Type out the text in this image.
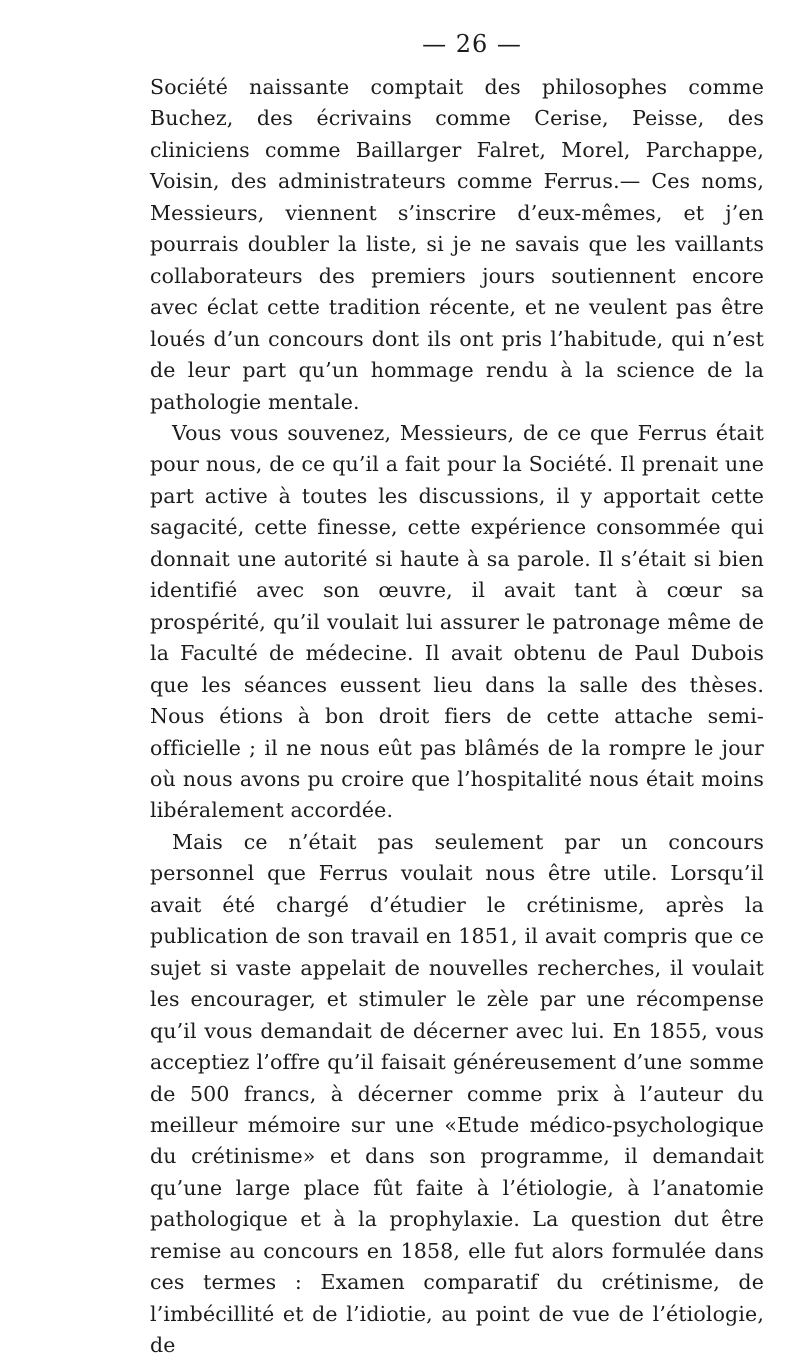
— 26 —

Société naissante comptait des philosophes comme Buchez, des écrivains comme Cerise, Peisse, des cliniciens comme Baillarger Falret, Morel, Parchappe, Voisin, des administrateurs comme Ferrus.— Ces noms, Messieurs, viennent s’inscrire d’eux-mêmes, et j’en pourrais doubler la liste, si je ne savais que les vaillants collaborateurs des premiers jours soutiennent encore avec éclat cette tradition récente, et ne veulent pas être loués d’un concours dont ils ont pris l’habitude, qui n’est de leur part qu’un hommage rendu à la science de la pathologie mentale.

Vous vous souvenez, Messieurs, de ce que Ferrus était pour nous, de ce qu’il a fait pour la Société. Il prenait une part active à toutes les discussions, il y apportait cette sagacité, cette finesse, cette expérience consommée qui donnait une autorité si haute à sa parole. Il s’était si bien identifié avec son œuvre, il avait tant à cœur sa prospérité, qu’il voulait lui assurer le patronage même de la Faculté de médecine. Il avait obtenu de Paul Dubois que les séances eussent lieu dans la salle des thèses. Nous étions à bon droit fiers de cette attache semi-officielle ; il ne nous eût pas blâmés de la rompre le jour où nous avons pu croire que l’hospitalité nous était moins libéralement accordée.

Mais ce n’était pas seulement par un concours personnel que Ferrus voulait nous être utile. Lorsqu’il avait été chargé d’étudier le crétinisme, après la publication de son travail en 1851, il avait compris que ce sujet si vaste appelait de nouvelles recherches, il voulait les encourager, et stimuler le zèle par une récompense qu’il vous demandait de décerner avec lui. En 1855, vous acceptiez l’offre qu’il faisait généreusement d’une somme de 500 francs, à décerner comme prix à l’auteur du meilleur mémoire sur une «Etude médico-psychologique du crétinisme» et dans son programme, il demandait qu’une large place fût faite à l’étiologie, à l’anatomie pathologique et à la prophylaxie. La question dut être remise au concours en 1858, elle fut alors formulée dans ces termes : Examen comparatif du crétinisme, de l’imbécillité et de l’idiotie, au point de vue de l’étiologie, de
